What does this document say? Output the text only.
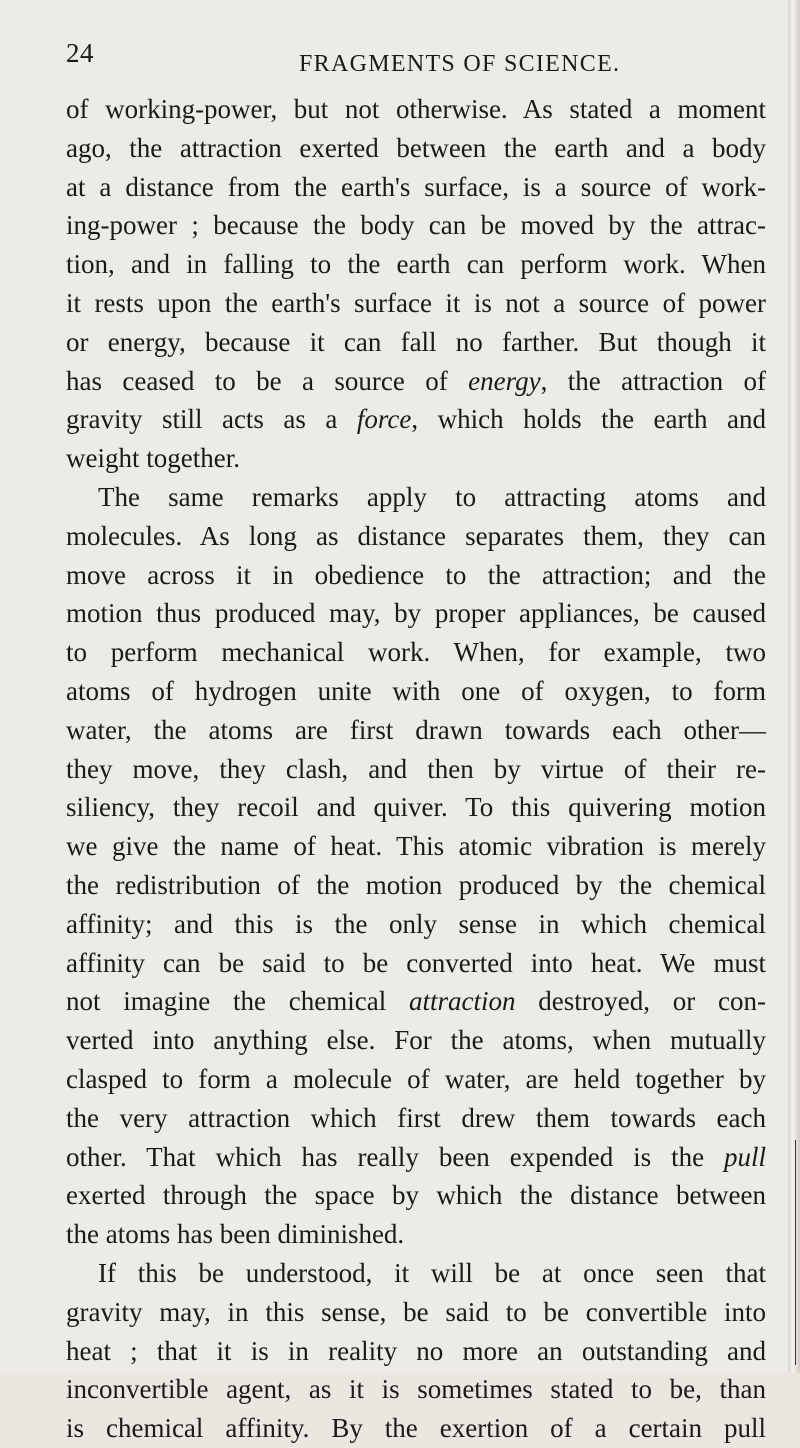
24	FRAGMENTS OF SCIENCE.
of working-power, but not otherwise. As stated a moment
ago, the attraction exerted between the earth and a body
at a distance from the earth's surface, is a source of work-
ing-power ; because the body can be moved by the attrac-
tion, and in falling to the earth can perform work. When
it rests upon the earth's surface it is not a source of power
or energy, because it can fall no farther. But though it
has ceased to be a source of energy, the attraction of
gravity still acts as a force, which holds the earth and
weight together.
The same remarks apply to attracting atoms and
molecules. As long as distance separates them, they can
move across it in obedience to the attraction; and the
motion thus produced may, by proper appliances, be caused
to perform mechanical work. When, for example, two
atoms of hydrogen unite with one of oxygen, to form
water, the atoms are first drawn towards each other—
they move, they clash, and then by virtue of their re-
siliency, they recoil and quiver. To this quivering motion
we give the name of heat. This atomic vibration is merely
the redistribution of the motion produced by the chemical
affinity; and this is the only sense in which chemical
affinity can be said to be converted into heat. We must
not imagine the chemical attraction destroyed, or con-
verted into anything else. For the atoms, when mutually
clasped to form a molecule of water, are held together by
the very attraction which first drew them towards each
other. That which has really been expended is the pull
exerted through the space by which the distance between
the atoms has been diminished.
If this be understood, it will be at once seen that
gravity may, in this sense, be said to be convertible into
heat ; that it is in reality no more an outstanding and
inconvertible agent, as it is sometimes stated to be, than
is chemical affinity. By the exertion of a certain pull
